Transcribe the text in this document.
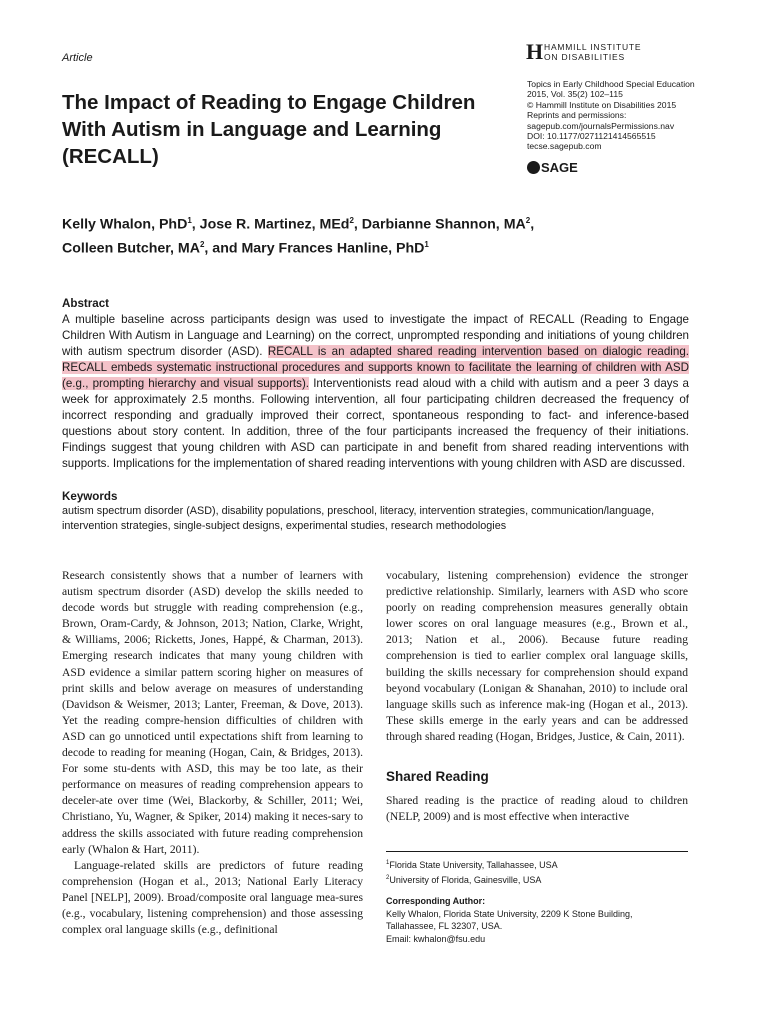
Article	H HAMMILL INSTITUTE
ON DISABILITIES
Topics in Early Childhood Special Education
2015, Vol. 35(2) 102–115
© Hammill Institute on Disabilities 2015
Reprints and permissions:
sagepub.com/journalsPermissions.nav
DOI: 10.1177/0271121414565515
tecse.sagepub.com
SAGE
The Impact of Reading to Engage Children With Autism in Language and Learning (RECALL)
Kelly Whalon, PhD$^1$, Jose R. Martinez, MEd$^2$, Darbianne Shannon, $MA^2$,
Colleen Butcher, $MA^2$, and Mary Frances Hanline, PhD$^1$
Abstract
A multiple baseline across participants design was used to investigate the impact of RECALL (Reading to Engage Children With Autism in Language and Learning) on the correct, unprompted responding and initiations of young children with autism spectrum disorder (ASD). RECALL is an adapted shared reading intervention based on dialogic reading. RECALL embeds systematic instructional procedures and supports known to facilitate the learning of children with ASD (e.g., prompting hierarchy and visual supports). Interventionists read aloud with a child with autism and a peer 3 days a week for approximately 2.5 months. Following intervention, all four participating children decreased the frequency of incorrect responding and gradually improved their correct, spontaneous responding to fact- and inference-based questions about story content. In addition, three of the four participants increased the frequency of their initiations. Findings suggest that young children with ASD can participate in and benefit from shared reading interventions with supports. Implications for the implementation of shared reading interventions with young children with ASD are discussed.
Keywords
autism spectrum disorder (ASD), disability populations, preschool, literacy, intervention strategies, communication/language, intervention strategies, single-subject designs, experimental studies, research methodologies

Research consistently shows that a number of learners with autism spectrum disorder (ASD) develop the skills needed to decode words but struggle with reading comprehension (e.g., Brown, Oram-Cardy, & Johnson, 2013; Nation, Clarke, Wright, & Williams, 2006; Ricketts, Jones, Happé, & Charman, 2013). Emerging research indicates that many young children with ASD evidence a similar pattern scoring higher on measures of print skills and below average on measures of understanding (Davidson & Weismer, 2013; Lanter, Freeman, & Dove, 2013). Yet the reading compre-hension difficulties of children with ASD can go unnoticed until expectations shift from learning to decode to reading for meaning (Hogan, Cain, & Bridges, 2013). For some stu-dents with ASD, this may be too late, as their performance on measures of reading comprehension appears to deceler-ate over time (Wei, Blackorby, & Schiller, 2011; Wei, Christiano, Yu, Wagner, & Spiker, 2014) making it neces-sary to address the skills associated with future reading comprehension early (Whalon & Hart, 2011).

Language-related skills are predictors of future reading comprehension (Hogan et al., 2013; National Early Literacy Panel [NELP], 2009). Broad/composite oral language mea-sures (e.g., vocabulary, listening comprehension) and those assessing complex oral language skills (e.g., definitional

vocabulary, listening comprehension) evidence the stronger predictive relationship. Similarly, learners with ASD who score poorly on reading comprehension measures generally obtain lower scores on oral language measures (e.g., Brown et al., 2013; Nation et al., 2006). Because future reading comprehension is tied to earlier complex oral language skills, building the skills necessary for comprehension should expand beyond vocabulary (Lonigan & Shanahan, 2010) to include oral language skills such as inference mak-ing (Hogan et al., 2013). These skills emerge in the early years and can be addressed through shared reading (Hogan, Bridges, Justice, & Cain, 2011).

Shared Reading

Shared reading is the practice of reading aloud to children (NELP, 2009) and is most effective when interactive

$^1$Florida State University, Tallahassee, USA
$^2$University of Florida, Gainesville, USA
Corresponding Author:
Kelly Whalon, Florida State University, 2209 K Stone Building,
Tallahassee, FL 32307, USA.
Email: kwhalon@fsu.edu
